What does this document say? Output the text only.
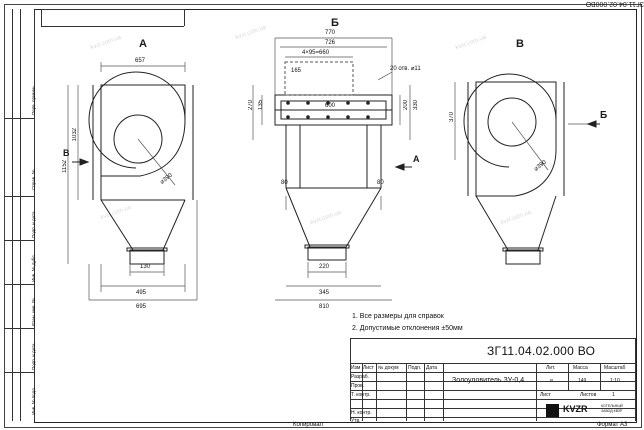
Перв. примен.
Справ. №
Подп. и дата
Инв. № дубл.
Взам. инв. №
Подп. и дата
Инв. № подл.
ЗГ11.04.02.000ВО
kvzr.com.ua
kvzr.com.ua
kvzr.com.ua
kvzr.com.ua	kvzr.com.ua	kvzr.com.ua
А
657
1032
1152
130
495
695
⌀390
В
Б
770
726
4×95=660
165
600
135
270	200 330
20 отв. ⌀11
80	80
220
345
810
А
В
370
⌀390
Б
1. Все размеры для справок
2. Допустимые отклонения ±50мм
ЗГ11.04.02.000 ВО
Изм Лист № докум Подп. Дата
Разраб.
Пров.
Т. контр.
Н. контр.
Утв.
Золоуловитель ЗУ-0,4
Лит.	Масса	Масштаб
и	149	1:10
Лист	Листов	1
KVZR	КОТЕЛЬНЫЙ ЗАВОД КВЗР
Копировал	Формат А3
